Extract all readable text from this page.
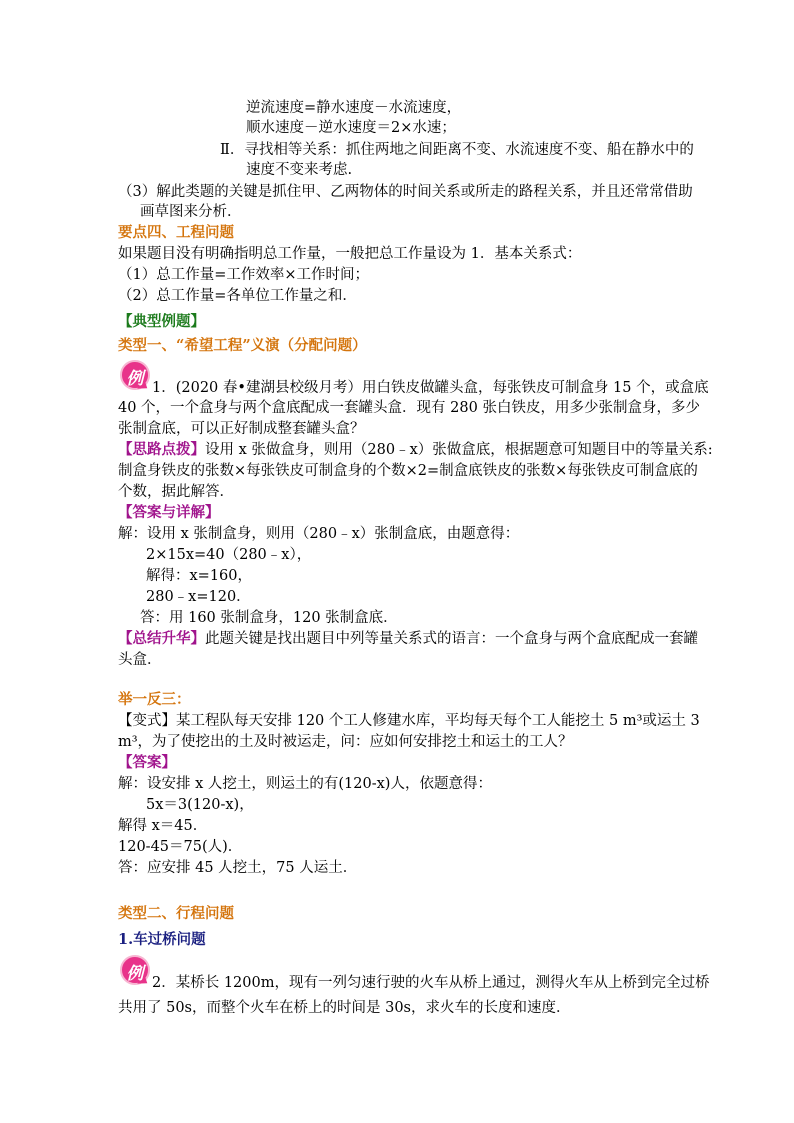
逆流速度=静水速度－水流速度，
顺水速度－逆水速度＝2×水速；
Ⅱ．寻找相等关系：抓住两地之间距离不变、水流速度不变、船在静水中的
速度不变来考虑.
（3）解此类题的关键是抓住甲、乙两物体的时间关系或所走的路程关系，并且还常常借助
画草图来分析．
要点四、工程问题
如果题目没有明确指明总工作量，一般把总工作量设为 1．基本关系式：
（1）总工作量=工作效率×工作时间；
（2）总工作量=各单位工作量之和．
【典型例题】
类型一、“希望工程”义演（分配问题）
例 1．(2020 春•建湖县校级月考）用白铁皮做罐头盒，每张铁皮可制盒身 15 个，或盒底
40 个，一个盒身与两个盒底配成一套罐头盒．现有 280 张白铁皮，用多少张制盒身，多少
张制盒底，可以正好制成整套罐头盒？
【思路点拨】设用 x 张做盒身，则用（280﹣x）张做盒底，根据题意可知题目中的等量关系:
制盒身铁皮的张数×每张铁皮可制盒身的个数×2=制盒底铁皮的张数×每张铁皮可制盒底的
个数，据此解答．
【答案与详解】
解：设用 x 张制盒身，则用（280﹣x）张制盒底，由题意得：
2×15x=40（280﹣x），
解得：x=160，
280﹣x=120．
答：用 160 张制盒身，120 张制盒底．
【总结升华】此题关键是找出题目中列等量关系式的语言：一个盒身与两个盒底配成一套罐
头盒．
举一反三：
【变式】某工程队每天安排 120 个工人修建水库，平均每天每个工人能挖土 5 m³或运土 3
m³，为了使挖出的土及时被运走，问：应如何安排挖土和运土的工人？
【答案】
解：设安排 x 人挖土，则运土的有(120-x)人，依题意得：
5x＝3(120-x)，
解得 x＝45．
120-45＝75(人)．
答：应安排 45 人挖土，75 人运土．
类型二、行程问题
1.车过桥问题
例 2．某桥长 1200m，现有一列匀速行驶的火车从桥上通过，测得火车从上桥到完全过桥
共用了 50s，而整个火车在桥上的时间是 30s，求火车的长度和速度．
